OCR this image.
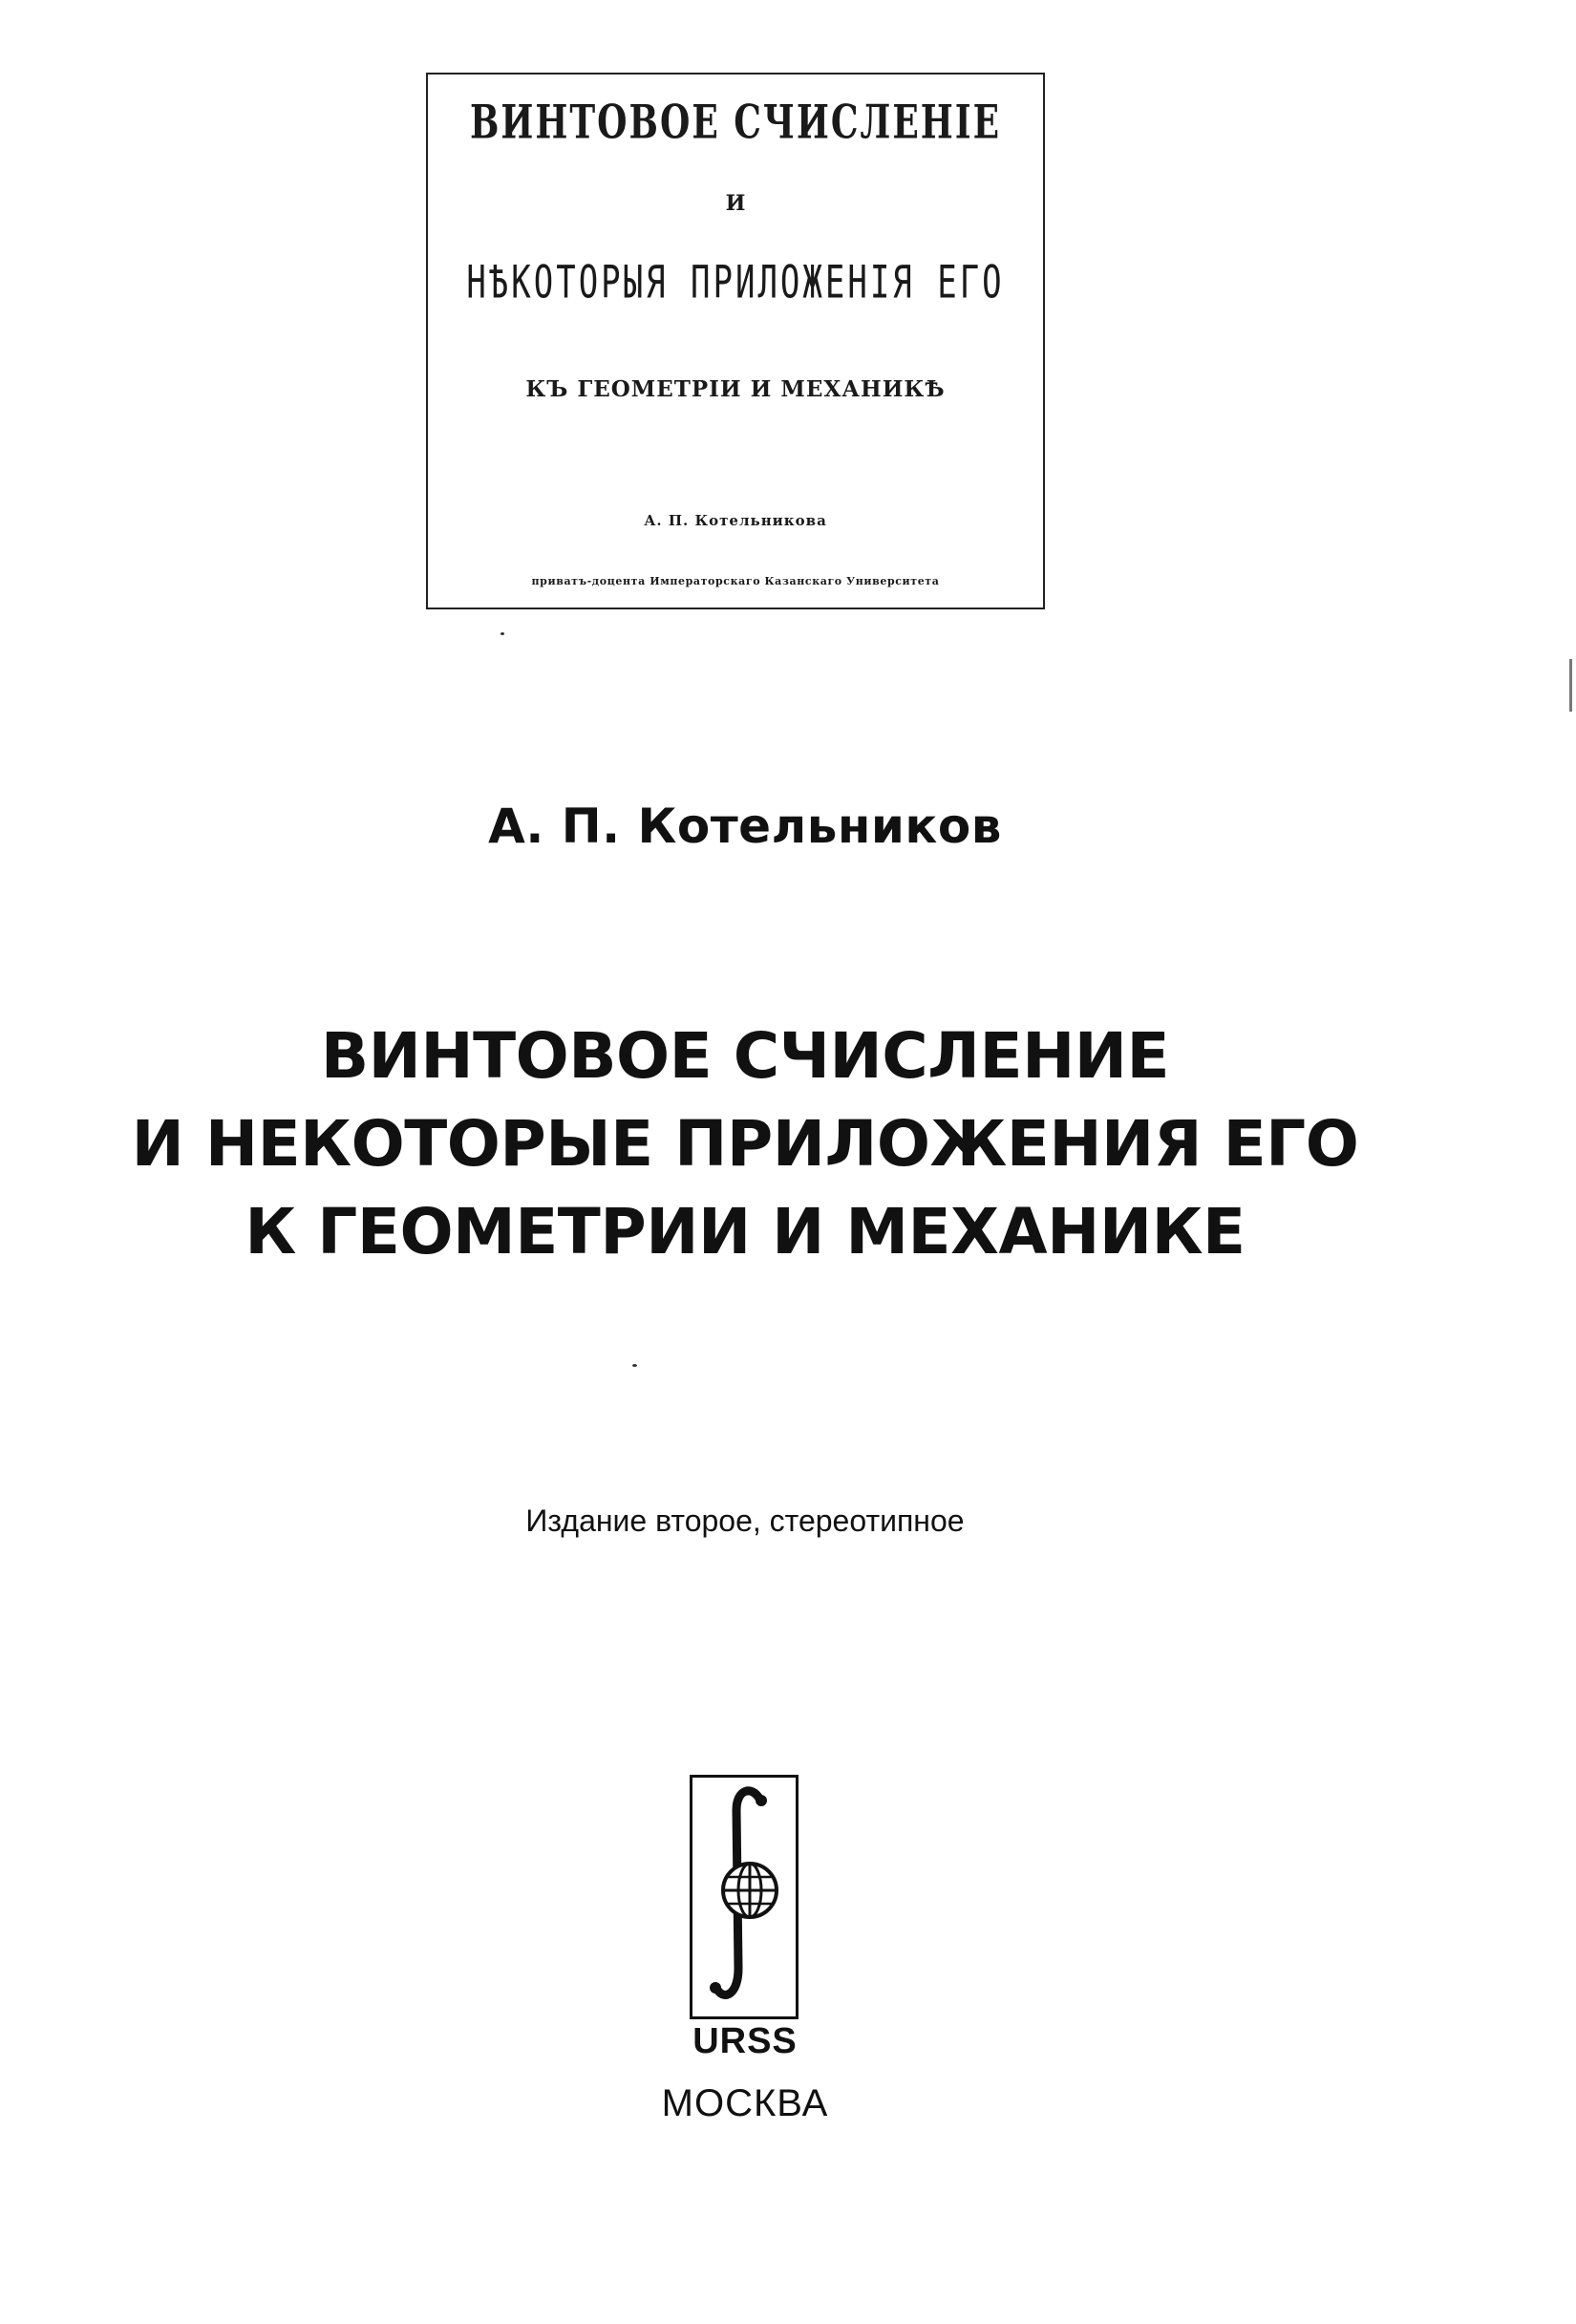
ВИНТОВОЕ СЧИСЛЕНІЕ
И
НѢКОТОРЫЯ ПРИЛОЖЕНІЯ ЕГО
КЪ ГЕОМЕТРІИ И МЕХАНИКѢ
А. П. Котельникова
приватъ-доцента Императорскаго Казанскаго Университета
А. П. Котельников
ВИНТОВОЕ СЧИСЛЕНИЕ
И НЕКОТОРЫЕ ПРИЛОЖЕНИЯ ЕГО
К ГЕОМЕТРИИ И МЕХАНИКЕ
Издание второе, стереотипное
URSS
МОСКВА
